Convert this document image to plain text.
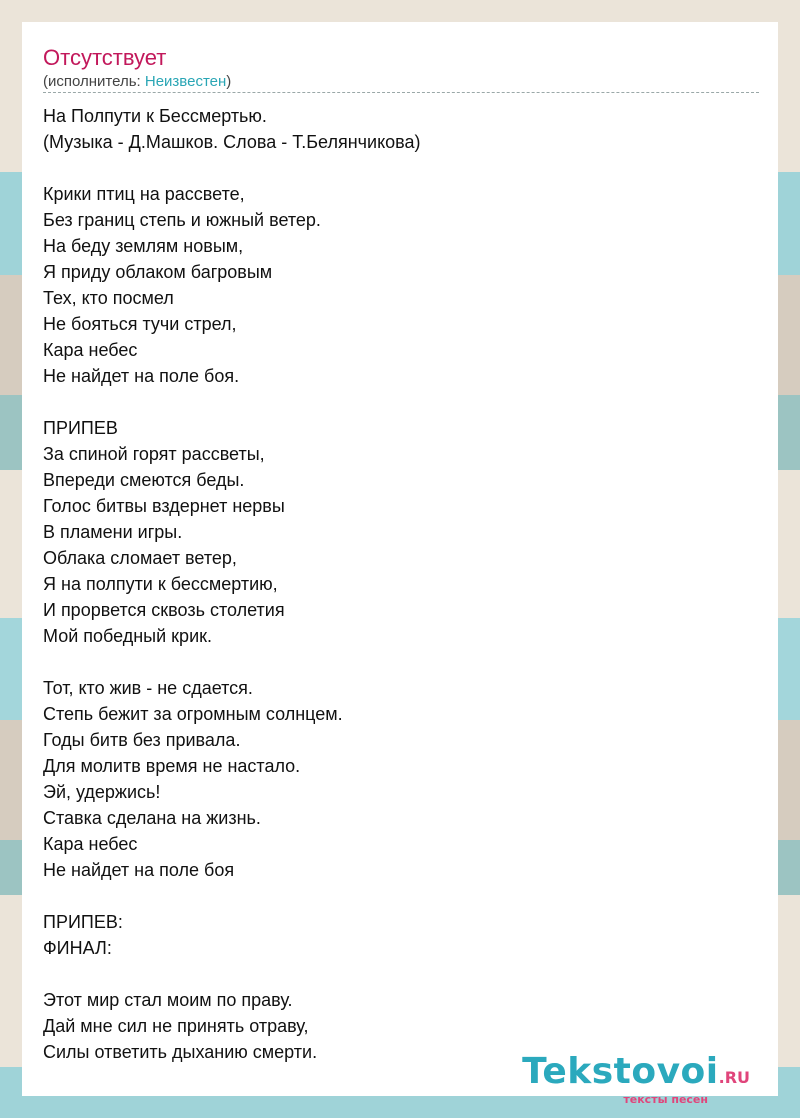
Отсутствует
(исполнитель: Неизвестен)
На Полпути к Бессмертью.
(Музыка - Д.Машков. Слова - Т.Белянчикова)
Крики птиц на рассвете,
Без границ степь и южный ветер.
На беду землям новым,
Я приду облаком багровым
Тех, кто посмел
Не бояться тучи стрел,
Кара небес
Не найдет на поле боя.
ПРИПЕВ
За спиной горят рассветы,
Впереди смеются беды.
Голос битвы вздернет нервы
В пламени игры.
Облака сломает ветер,
Я на полпути к бессмертию,
И прорвется сквозь столетия
Мой победный крик.
Тот, кто жив - не сдается.
Степь бежит за огромным солнцем.
Годы битв без привала.
Для молитв время не настало.
Эй, удержись!
Ставка сделана на жизнь.
Кара небес
Не найдет на поле боя
ПРИПЕВ:
ФИНАЛ:
Этот мир стал моим по праву.
Дай мне сил не принять отраву,
Силы ответить дыханию смерти.	Tekstovoi.RU
тексты песен
